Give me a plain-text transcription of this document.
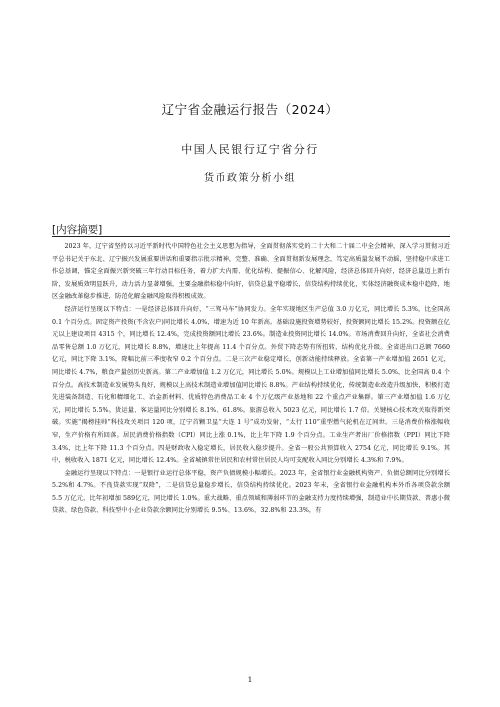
辽宁省金融运行报告（2024）
中国人民银行辽宁省分行
货币政策分析小组
[内容摘要]

2023 年，辽宁省坚持以习近平新时代中国特色社会主义思想为指导，全面贯彻落实党的二十大和二十届二中全会精神，深入学习贯彻习近平总书记关于东北、辽宁振兴发展重要讲话和重要指示批示精神，完整、准确、全面贯彻新发展理念，笃定高质量发展不动摇，坚持稳中求进工作总基调，锚定全面振兴新突破三年行动目标任务，着力扩大内需、优化结构、提振信心、化解风险，经济总体回升向好，经济总量迈上新台阶，发展质效明显跃升，动力活力显著增强，主要金融指标稳中向好，信贷总量平稳增长，信贷结构持续优化，实体经济融资成本稳中趋降，地区金融改革稳步推进，防范化解金融风险取得积极成效。

经济运行呈现以下特点：一是经济总体回升向好，“三驾马车”协同发力。全年实现地区生产总值 3.0 万亿元，同比增长 5.3%，比全国高 0.1 个百分点。固定资产投资(不含农户)同比增长 4.0%，增速为近 10 年新高。基础设施投资增势较好，投资额同比增长 15.2%。投资额在亿元以上建设项目 4315 个，同比增长 12.4%，完成投资额同比增长 23.6%。制造业投资同比增长 14.0%。市场消费回升向好，全省社会消费品零售总额 1.0 万亿元，同比增长 8.8%，增速比上年提高 11.4 个百分点。外贸下降态势有所扭转，结构优化升级。全省进出口总额 7660 亿元，同比下降 3.1%，降幅比前三季度收窄 0.2 个百分点。二是三次产业稳定增长，创新动能持续释放。全省第一产业增加值 2651 亿元，同比增长 4.7%，粮食产量创历史新高。第二产业增加值 1.2 万亿元，同比增长 5.0%。规模以上工业增加值同比增长 5.0%，比全国高 0.4 个百分点。高技术制造业发展势头良好，规模以上高技术制造业增加值同比增长 8.8%。产业结构持续优化，传统制造业改造升级加快，积极打造先进装备制造、石化和精细化工、冶金新材料、优质特色消费品工业 4 个万亿级产业基地和 22 个重点产业集群。第三产业增加值 1.6 万亿元，同比增长 5.5%。货运量、客运量同比分别增长 8.1%、61.8%。旅游总收入 5023 亿元，同比增长 1.7 倍。关键核心技术攻关取得新突破。实施“揭榜挂帅”科技攻关项目 120 项，辽宁首颗卫星“大连 1 号”成功发射，“太行 110”重型燃气轮机在辽间世。三是消费价格涨幅收窄，生产价格有所回落。居民消费价格指数（CPI）同比上涨 0.1%，比上年下降 1.9 个百分点。工业生产者出厂价格指数（PPI）同比下降 3.4%，比上年下降 11.3 个百分点。四是财政收入稳定增长，居民收入稳步提升。全省一般公共预算收入 2754 亿元，同比增长 9.1%。其中，税收收入 1871 亿元，同比增长 12.4%。全省城镇常住居民和农村常住居民人均可支配收入同比分别增长 4.3%和 7.9%。

金融运行呈现以下特点：一是银行业运行总体平稳，资产负债规模小幅增长。2023 年，全省银行业金融机构资产、负债总额同比分别增长 5.2%和 4.7%。不良贷款实现“双降”，二是信贷总量稳步增长，信贷结构持续优化。2023 年末，全省银行业金融机构本外币各项贷款余额 5.5 万亿元，比年初增加 589亿元，同比增长 1.0%。重大战略、重点领域和薄弱环节的金融支持力度持续增强，制造业中长期贷款、普惠小微贷款、绿色贷款、科技型中小企业贷款余额同比分别增长 9.5%、13.6%、32.8%和 23.3%，有

1
